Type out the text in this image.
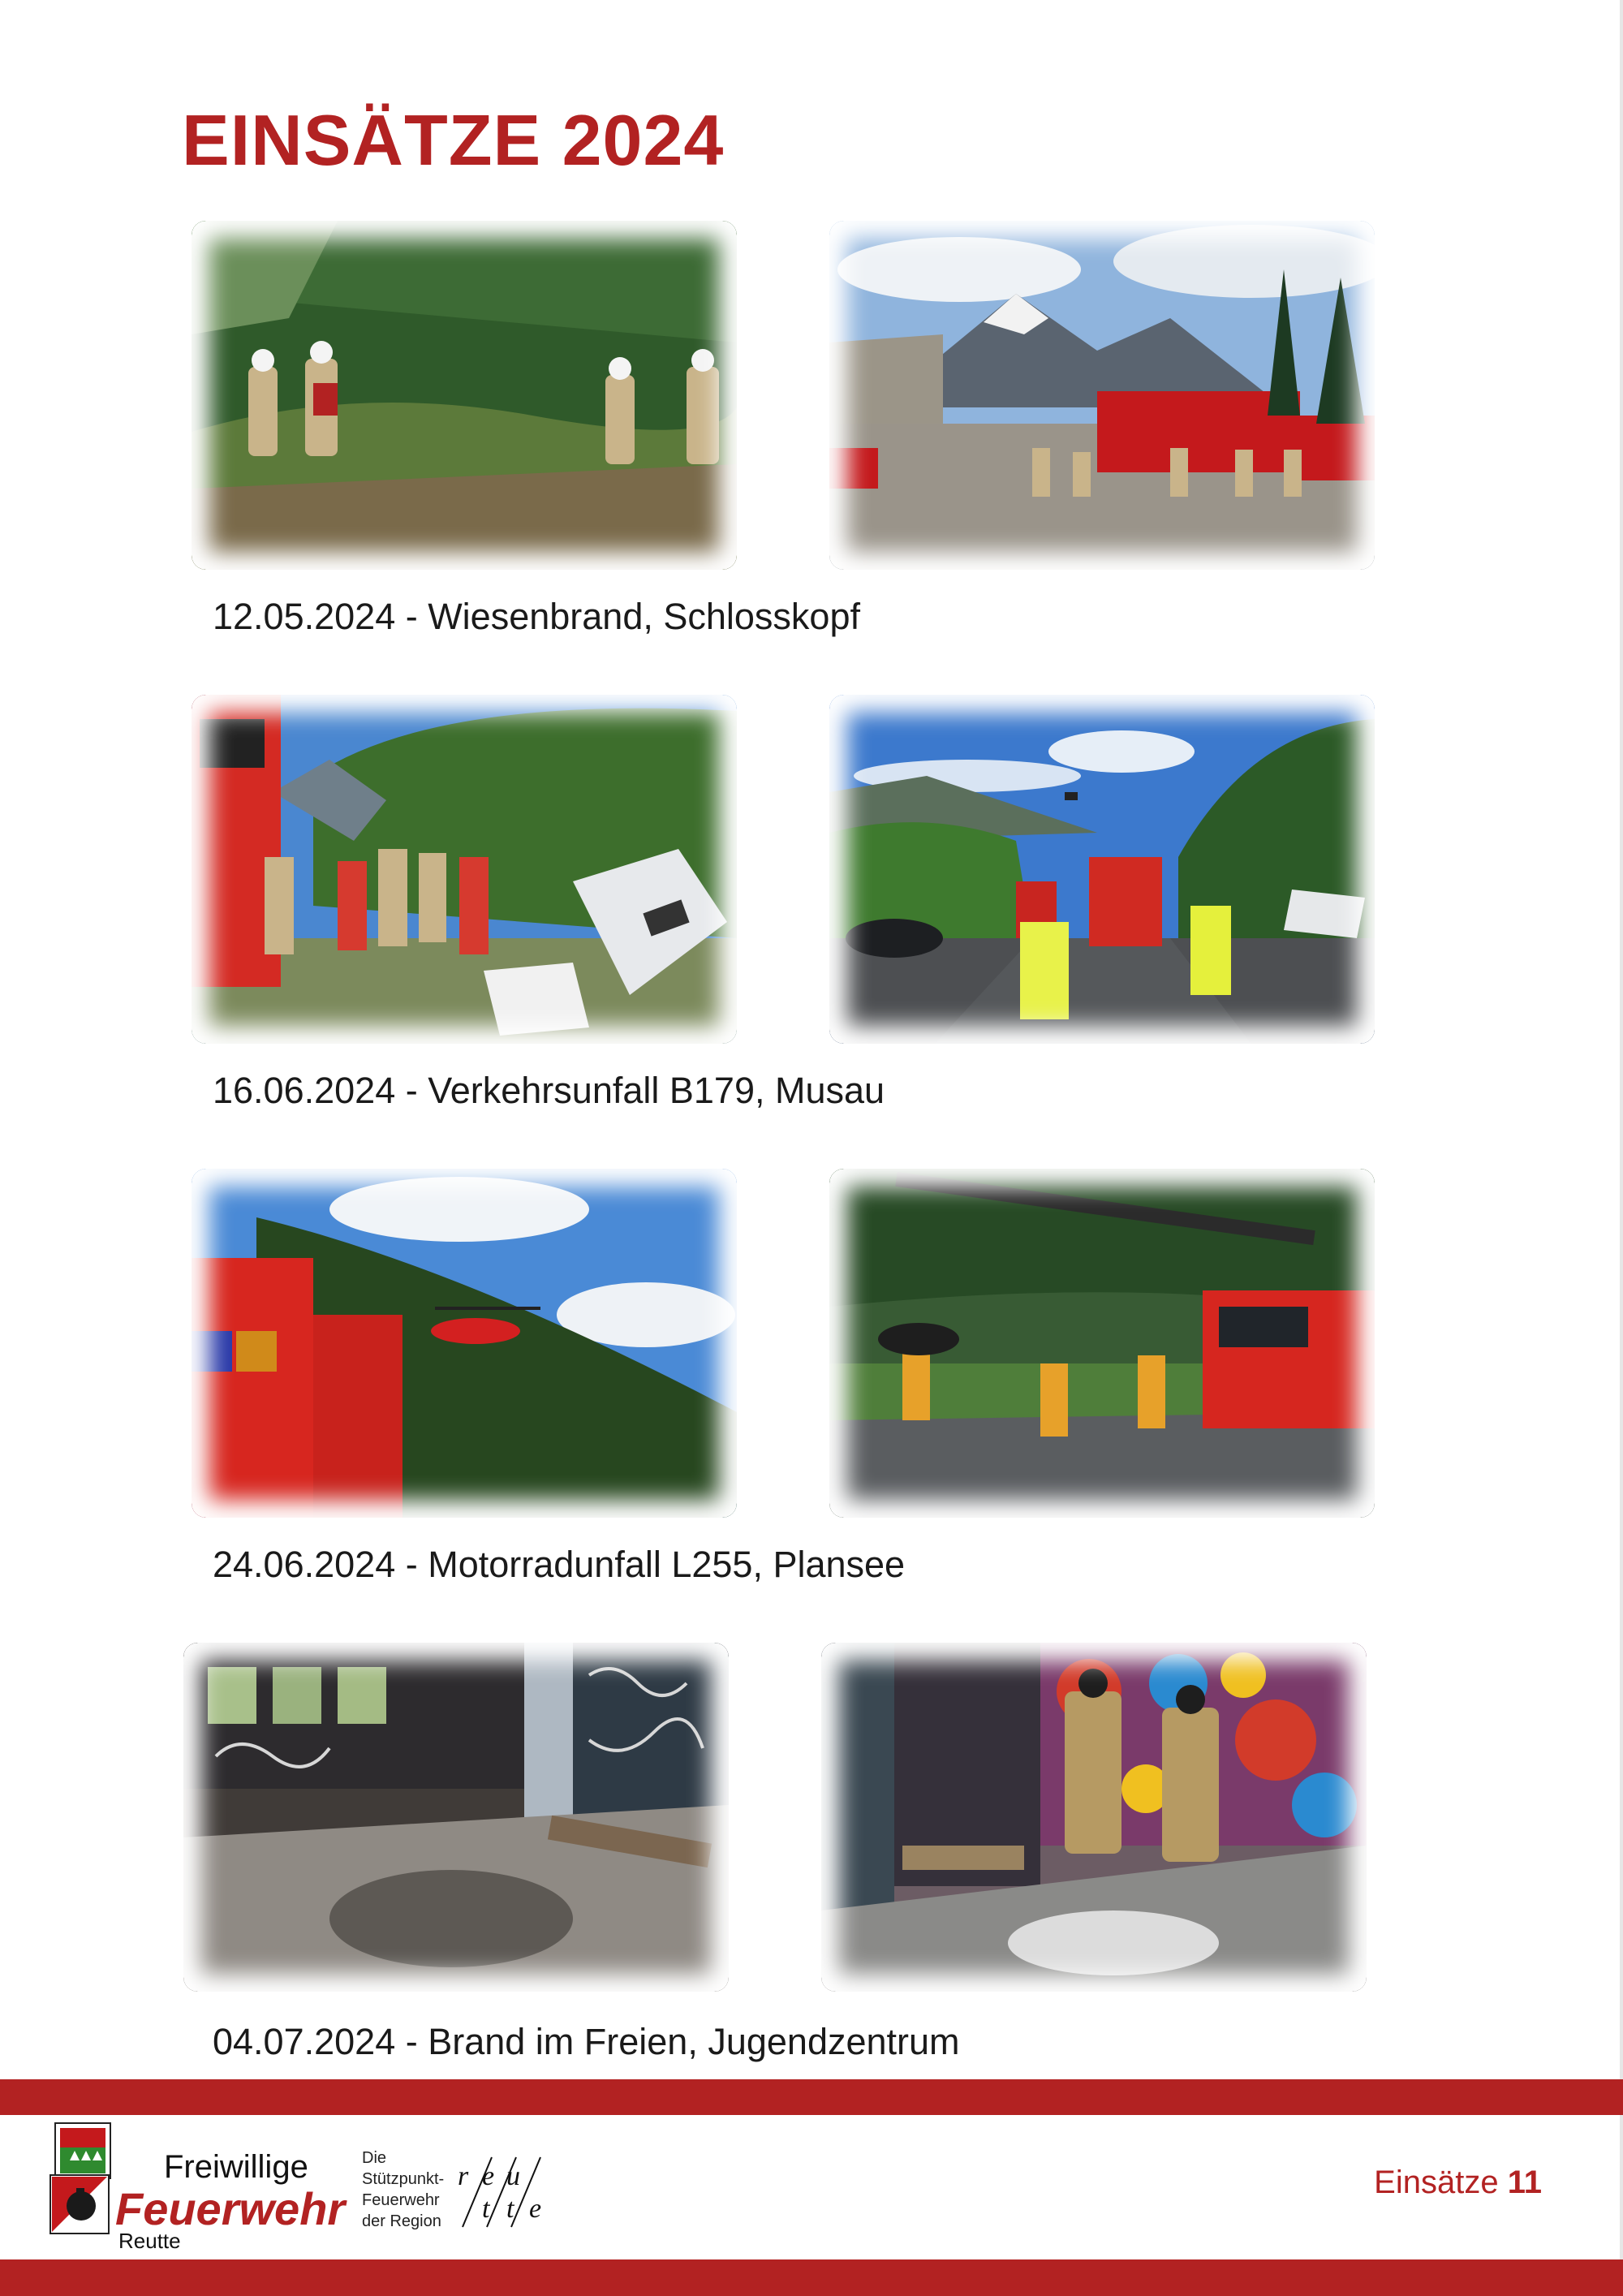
EINSÄTZE 2024

12.05.2024 - Wiesenbrand, Schlosskopf

16.06.2024 - Verkehrsunfall B179, Musau

24.06.2024 - Motorradunfall L255, Plansee

04.07.2024 - Brand im Freien, Jugendzentrum

Freiwillige

Feuerwehr

Reutte

Die
Stützpunkt-
Feuerwehr
der Region
r e u
t t e

Einsätze 11
